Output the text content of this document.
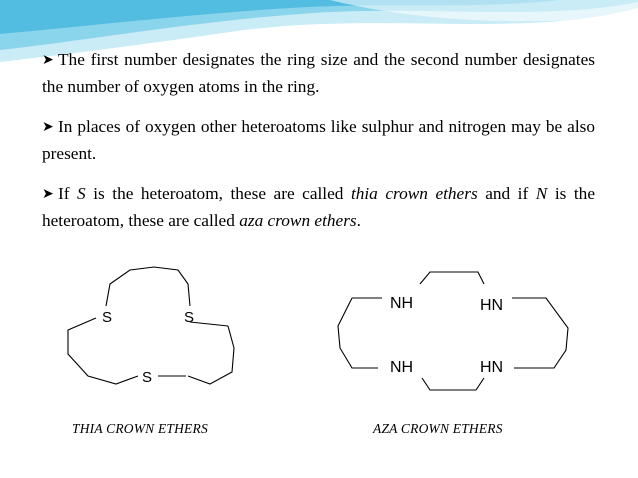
➤ The first number designates the ring size and the second number designates the number of oxygen atoms in the ring.

➤ In places of oxygen other heteroatoms like sulphur and nitrogen may be also present.

➤ If S is the heteroatom, these are called thia crown ethers and if N is the heteroatom, these are called aza crown ethers.

S	S
S
NH	HN
NH	HN
THIA CROWN ETHERS	AZA CROWN ETHERS
